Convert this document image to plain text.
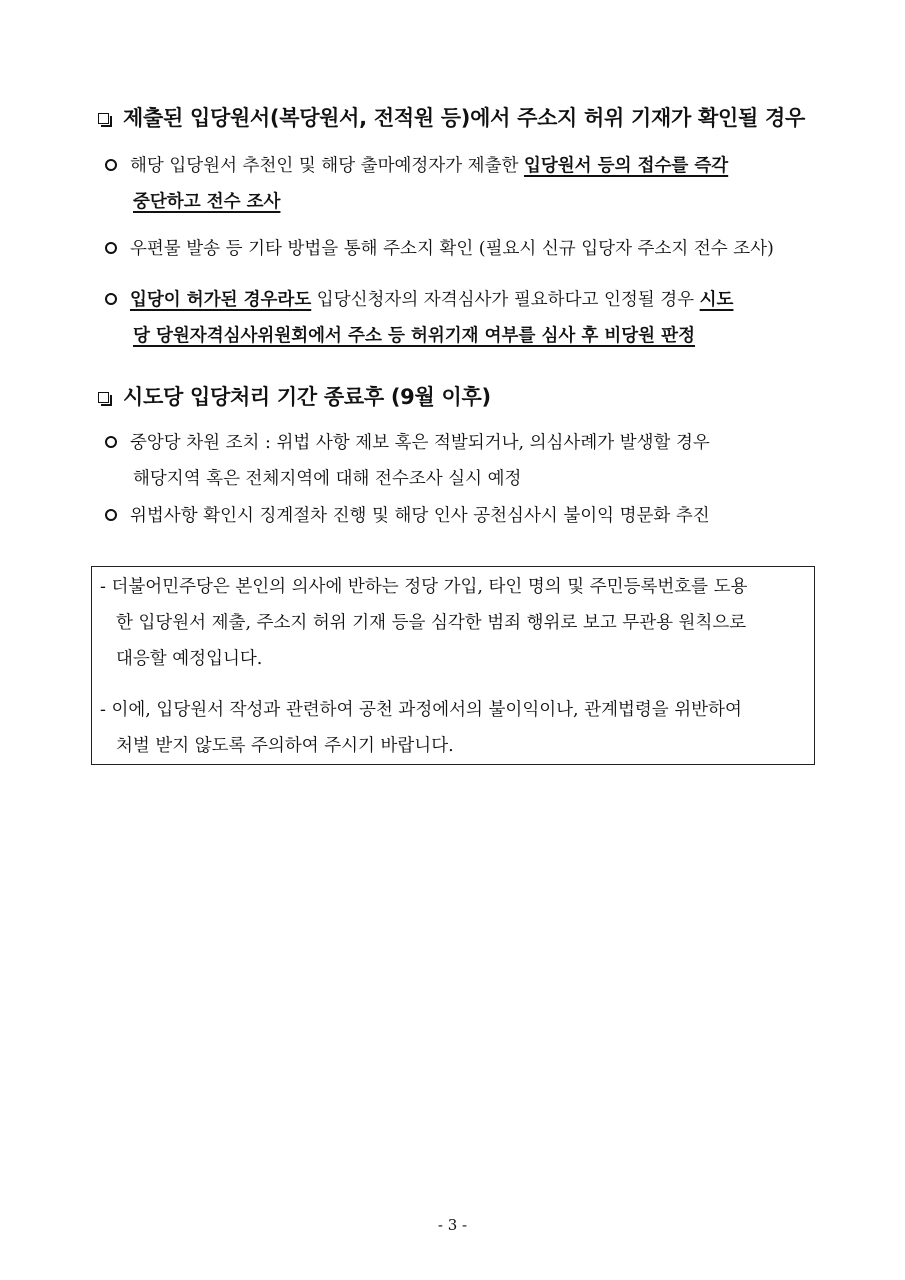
제출된 입당원서(복당원서, 전적원 등)에서 주소지 허위 기재가 확인될 경우
해당 입당원서 추천인 및 해당 출마예정자가 제출한 입당원서 등의 접수를 즉각
중단하고 전수 조사
우편물 발송 등 기타 방법을 통해 주소지 확인 (필요시 신규 입당자 주소지 전수 조사)
입당이 허가된 경우라도 입당신청자의 자격심사가 필요하다고 인정될 경우 시도
당 당원자격심사위원회에서 주소 등 허위기재 여부를 심사 후 비당원 판정
시도당 입당처리 기간 종료후 (9월 이후)
중앙당 차원 조치 : 위법 사항 제보 혹은 적발되거나, 의심사례가 발생할 경우
해당지역 혹은 전체지역에 대해 전수조사 실시 예정
위법사항 확인시 징계절차 진행 및 해당 인사 공천심사시 불이익 명문화 추진
- 더불어민주당은 본인의 의사에 반하는 정당 가입, 타인 명의 및 주민등록번호를 도용
한 입당원서 제출, 주소지 허위 기재 등을 심각한 범죄 행위로 보고 무관용 원칙으로
대응할 예정입니다.
- 이에, 입당원서 작성과 관련하여 공천 과정에서의 불이익이나, 관계법령을 위반하여
처벌 받지 않도록 주의하여 주시기 바랍니다.
- 3 -
